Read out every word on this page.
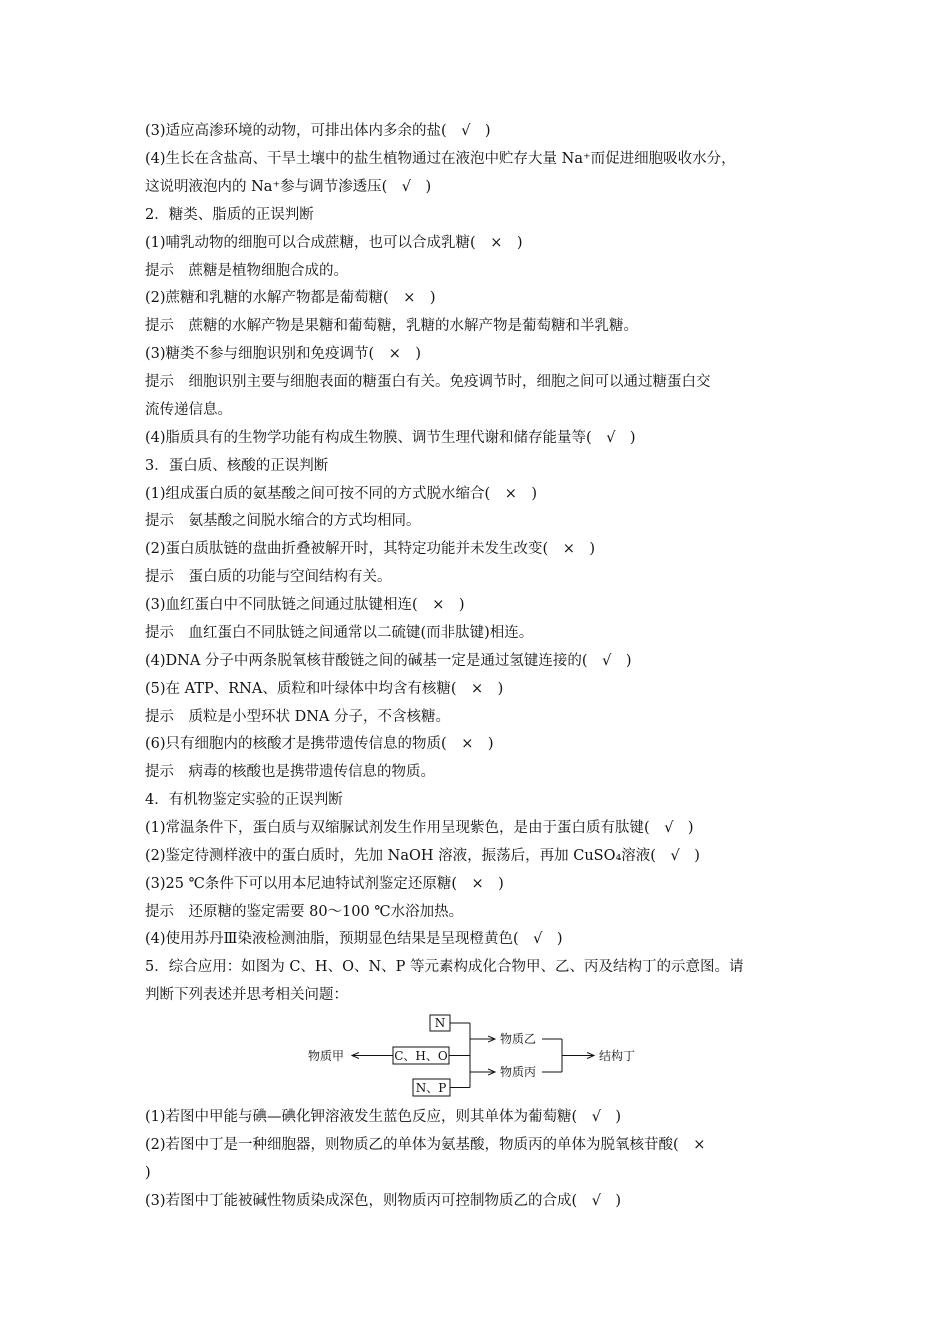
(3)适应高渗环境的动物，可排出体内多余的盐(　√　)
(4)生长在含盐高、干旱土壤中的盐生植物通过在液泡中贮存大量 Na⁺而促进细胞吸收水分，
这说明液泡内的 Na⁺参与调节渗透压(　√　)
2．糖类、脂质的正误判断
(1)哺乳动物的细胞可以合成蔗糖，也可以合成乳糖(　×　)
提示　蔗糖是植物细胞合成的。
(2)蔗糖和乳糖的水解产物都是葡萄糖(　×　)
提示　蔗糖的水解产物是果糖和葡萄糖，乳糖的水解产物是葡萄糖和半乳糖。
(3)糖类不参与细胞识别和免疫调节(　×　)
提示　细胞识别主要与细胞表面的糖蛋白有关。免疫调节时，细胞之间可以通过糖蛋白交
流传递信息。
(4)脂质具有的生物学功能有构成生物膜、调节生理代谢和储存能量等(　√　)
3．蛋白质、核酸的正误判断
(1)组成蛋白质的氨基酸之间可按不同的方式脱水缩合(　×　)
提示　氨基酸之间脱水缩合的方式均相同。
(2)蛋白质肽链的盘曲折叠被解开时，其特定功能并未发生改变(　×　)
提示　蛋白质的功能与空间结构有关。
(3)血红蛋白中不同肽链之间通过肽键相连(　×　)
提示　血红蛋白不同肽链之间通常以二硫键(而非肽键)相连。
(4)DNA 分子中两条脱氧核苷酸链之间的碱基一定是通过氢键连接的(　√　)
(5)在 ATP、RNA、质粒和叶绿体中均含有核糖(　×　)
提示　质粒是小型环状 DNA 分子，不含核糖。
(6)只有细胞内的核酸才是携带遗传信息的物质(　×　)
提示　病毒的核酸也是携带遗传信息的物质。
4．有机物鉴定实验的正误判断
(1)常温条件下，蛋白质与双缩脲试剂发生作用呈现紫色，是由于蛋白质有肽键(　√　)
(2)鉴定待测样液中的蛋白质时，先加 NaOH 溶液，振荡后，再加 CuSO₄溶液(　√　)
(3)25 ℃条件下可以用本尼迪特试剂鉴定还原糖(　×　)
提示　还原糖的鉴定需要 80～100 ℃水浴加热。
(4)使用苏丹Ⅲ染液检测油脂，预期显色结果是呈现橙黄色(　√　)
5．综合应用：如图为 C、H、O、N、P 等元素构成化合物甲、乙、丙及结构丁的示意图。请
判断下列表述并思考相关问题：
N
C、H、O
N、P
物质甲
物质乙
物质丙
结构丁
(1)若图中甲能与碘—碘化钾溶液发生蓝色反应，则其单体为葡萄糖(　√　)
(2)若图中丁是一种细胞器，则物质乙的单体为氨基酸，物质丙的单体为脱氧核苷酸(　×
)
(3)若图中丁能被碱性物质染成深色，则物质丙可控制物质乙的合成(　√　)
